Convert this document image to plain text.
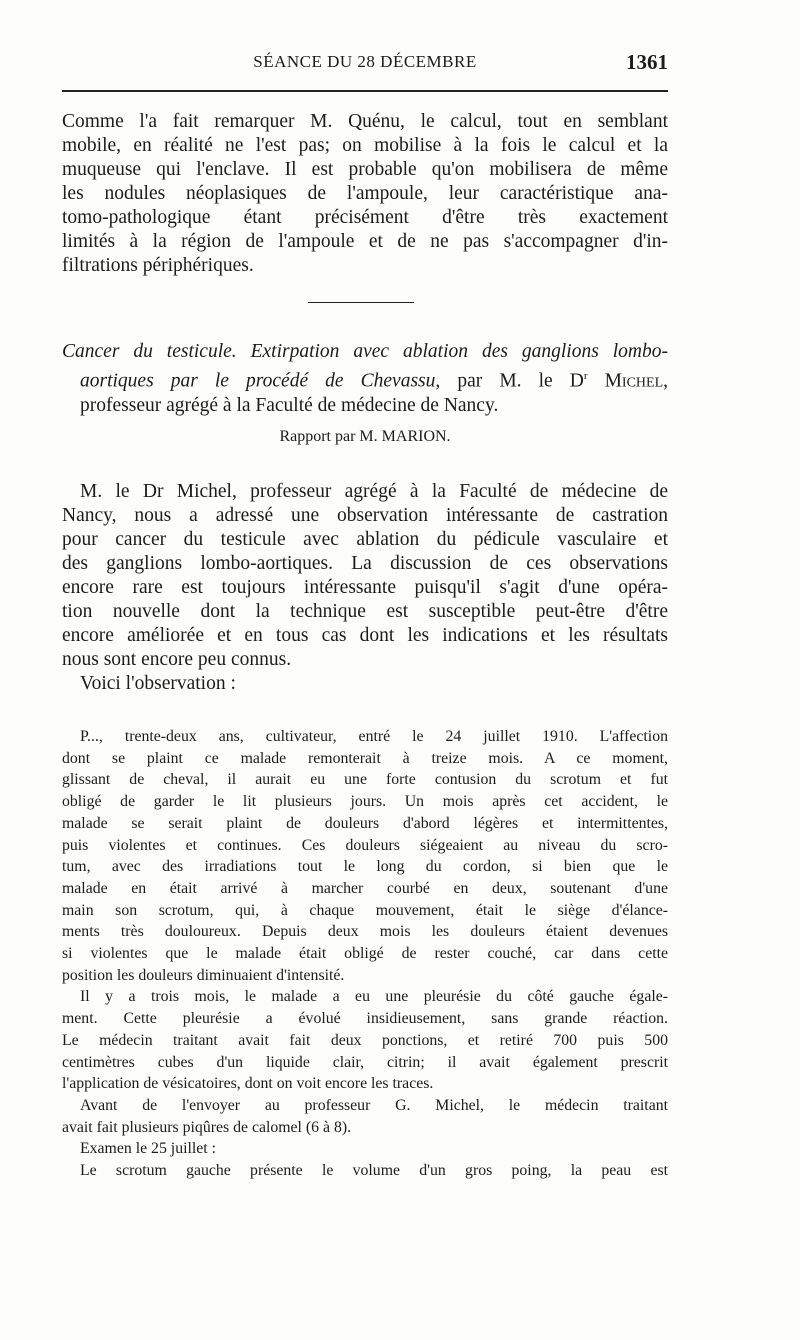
SÉANCE DU 28 DÉCEMBRE	1361
Comme l'a fait remarquer M. Quénu, le calcul, tout en semblant
mobile, en réalité ne l'est pas; on mobilise à la fois le calcul et la
muqueuse qui l'enclave. Il est probable qu'on mobilisera de même
les nodules néoplasiques de l'ampoule, leur caractéristique ana-
tomo-pathologique étant précisément d'être très exactement
limités à la région de l'ampoule et de ne pas s'accompagner d'in-
filtrations périphériques.
Cancer du testicule. Extirpation avec ablation des ganglions lombo-
aortiques par le procédé de Chevassu, par M. le $D^r$ Michel,
professeur agrégé à la Faculté de médecine de Nancy.
Rapport par M. MARION.
M. le Dr Michel, professeur agrégé à la Faculté de médecine de
Nancy, nous a adressé une observation intéressante de castration
pour cancer du testicule avec ablation du pédicule vasculaire et
des ganglions lombo-aortiques. La discussion de ces observations
encore rare est toujours intéressante puisqu'il s'agit d'une opéra-
tion nouvelle dont la technique est susceptible peut-être d'être
encore améliorée et en tous cas dont les indications et les résultats
nous sont encore peu connus.
Voici l'observation :
P..., trente-deux ans, cultivateur, entré le 24 juillet 1910. L'affection
dont se plaint ce malade remonterait à treize mois. A ce moment,
glissant de cheval, il aurait eu une forte contusion du scrotum et fut
obligé de garder le lit plusieurs jours. Un mois après cet accident, le
malade se serait plaint de douleurs d'abord légères et intermittentes,
puis violentes et continues. Ces douleurs siégeaient au niveau du scro-
tum, avec des irradiations tout le long du cordon, si bien que le
malade en était arrivé à marcher courbé en deux, soutenant d'une
main son scrotum, qui, à chaque mouvement, était le siège d'élance-
ments très douloureux. Depuis deux mois les douleurs étaient devenues
si violentes que le malade était obligé de rester couché, car dans cette
position les douleurs diminuaient d'intensité.
Il y a trois mois, le malade a eu une pleurésie du côté gauche égale-
ment. Cette pleurésie a évolué insidieusement, sans grande réaction.
Le médecin traitant avait fait deux ponctions, et retiré 700 puis 500
centimètres cubes d'un liquide clair, citrin; il avait également prescrit
l'application de vésicatoires, dont on voit encore les traces.
Avant de l'envoyer au professeur G. Michel, le médecin traitant
avait fait plusieurs piqûres de calomel (6 à 8).
Examen le 25 juillet :
Le scrotum gauche présente le volume d'un gros poing, la peau est
